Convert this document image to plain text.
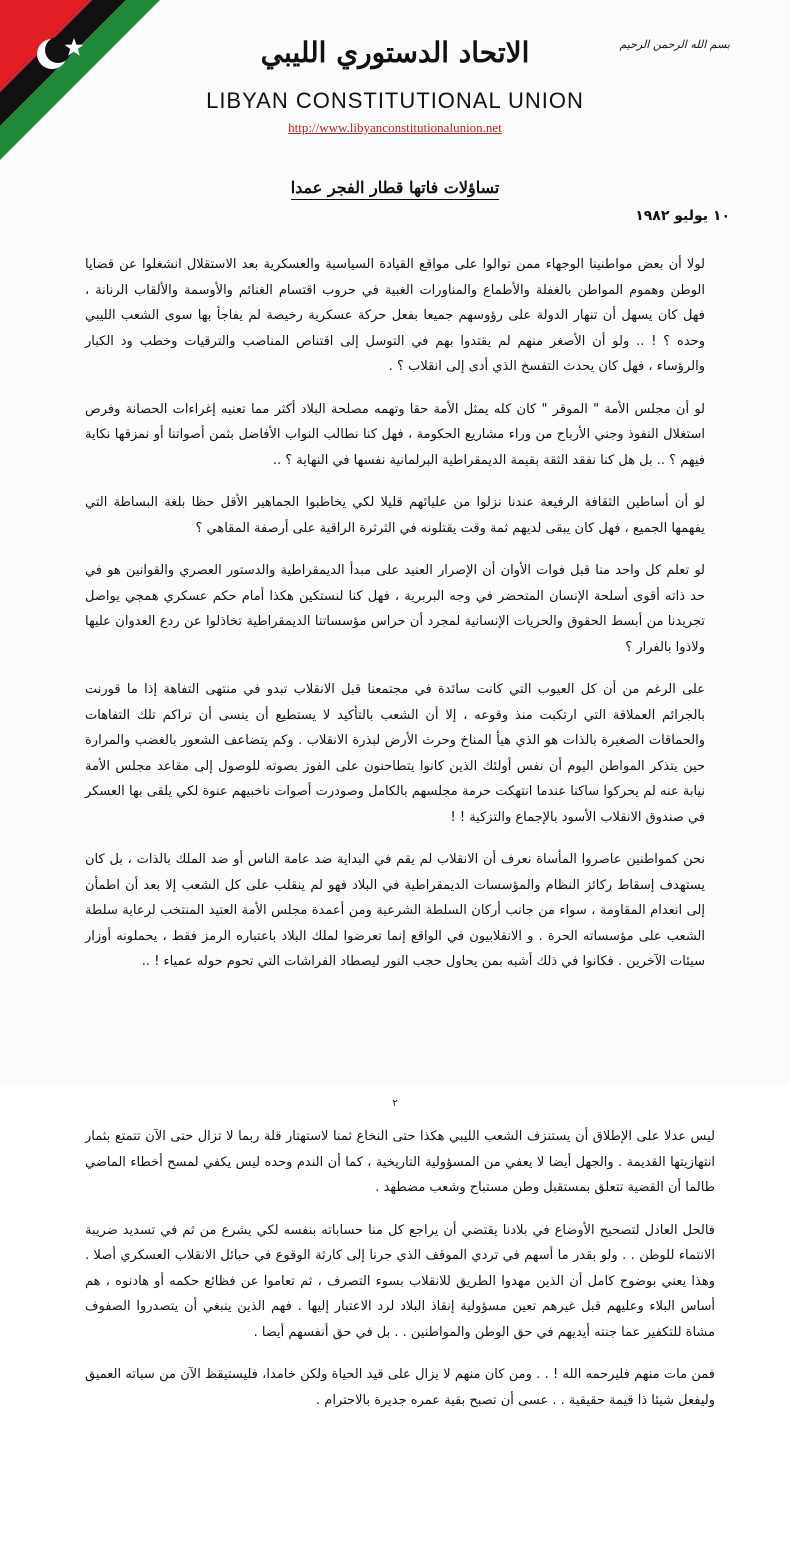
بسم الله الرحمن الرحيم
الاتحاد الدستوري الليبي
LIBYAN CONSTITUTIONAL UNION
http://www.libyanconstitutionalunion.net
تساؤلات فاتها قطار الفجر عمدا
١٠ يوليو ١٩٨٢

لولا أن بعض مواطنينا الوجهاء ممن توالوا على مواقع القيادة السياسية والعسكرية بعد الاستقلال انشغلوا عن قضايا الوطن وهموم المواطن بالغفلة والأطماع والمناورات الغبية في حروب اقتسام الغنائم والأوسمة والألقاب الرنانة ، فهل كان يسهل أن تنهار الدولة على رؤوسهم جميعا بفعل حركة عسكرية رخيصة لم يفاجأ بها سوى الشعب الليبي وحده ؟ ! .. ولو أن الأصغر منهم لم يقتدوا بهم في التوسل إلى اقتناص المناصب والترقيات وخطب ود الكبار والرؤساء ، فهل كان يحدث التفسخ الذي أدى إلى انقلاب ؟ .

لو أن مجلس الأمة " الموقر " كان كله يمثل الأمة حقا وتهمه مصلحة البلاد أكثر مما تعنيه إغراءات الحصانة وفرص استغلال النفوذ وجني الأرباح من وراء مشاريع الحكومة ، فهل كنا نطالب النواب الأفاضل بثمن أصواتنا أو نمزقها نكاية فيهم ؟ .. بل هل كنا نفقد الثقة بقيمة الديمقراطية البرلمانية نفسها في النهاية ؟ ..

لو أن أساطين الثقافة الرفيعة عندنا نزلوا من عليائهم قليلا لكي يخاطبوا الجماهير الأقل حظا بلغة البساطة التي يفهمها الجميع ، فهل كان يبقى لديهم ثمة وقت يقتلونه في الثرثرة الراقية على أرصفة المقاهي ؟

لو تعلم كل واحد منا قبل فوات الأوان أن الإصرار العنيد على مبدأ الديمقراطية والدستور العصري والقوانين هو في حد ذاته أقوى أسلحة الإنسان المتحضر في وجه البربرية ، فهل كنا لنستكين هكذا أمام حكم عسكري همجي يواصل تجريدنا من أبسط الحقوق والحريات الإنسانية لمجرد أن حراس مؤسساتنا الديمقراطية تخاذلوا عن ردع العدوان عليها ولاذوا بالفرار ؟

على الرغم من أن كل العيوب التي كانت سائدة في مجتمعنا قبل الانقلاب تبدو في منتهى التفاهة إذا ما قورنت بالجرائم العملاقة التي ارتكبت منذ وقوعه ، إلا أن الشعب بالتأكيد لا يستطيع أن ينسى أن تراكم تلك التفاهات والحماقات الصغيرة بالذات هو الذي هيأ المناخ وحرث الأرض لبذرة الانقلاب . وكم يتضاعف الشعور بالغضب والمرارة حين يتذكر المواطن اليوم أن نفس أولئك الذين كانوا يتطاحنون على الفوز بصوته للوصول إلى مقاعد مجلس الأمة نيابة عنه لم يحركوا ساكنا عندما انتهكت حرمة مجلسهم بالكامل وصودرت أصوات ناخبيهم عنوة لكي يلقى بها العسكر في صندوق الانقلاب الأسود بالإجماع والتزكية ! !

نحن كمواطنين عاصروا المأساة نعرف أن الانقلاب لم يقم في البداية ضد عامة الناس أو ضد الملك بالذات ، بل كان يستهدف إسقاط ركائز النظام والمؤسسات الديمقراطية في البلاد فهو لم ينقلب على كل الشعب إلا بعد أن اطمأن إلى انعدام المقاومة ، سواء من جانب أركان السلطة الشرعية ومن أعمدة مجلس الأمة العتيد المنتخب لرعاية سلطة الشعب على مؤسساته الحرة . و الانقلابيون في الواقع إنما تعرضوا لملك البلاد باعتباره الرمز فقط ، يحملونه أوزار سيئات الآخرين . فكانوا في ذلك أشبه بمن يحاول حجب النور ليصطاد الفراشات التي تحوم حوله عمياء ! ..

٢

ليس عدلا على الإطلاق أن يستنزف الشعب الليبي هكذا حتى النخاع ثمنا لاستهتار قلة ربما لا تزال حتى الآن تتمتع بثمار انتهازيتها القديمة . والجهل أيضا لا يعفي من المسؤولية التاريخية ، كما أن الندم وحده ليس يكفي لمسح أخطاء الماضي طالما أن القضية تتعلق بمستقبل وطن مستباح وشعب مضطهد .

فالحل العادل لتصحيح الأوضاع في بلادنا يقتضي أن يراجع كل منا حساباته بنفسه لكي يشرع من ثم في تسديد ضريبة الانتماء للوطن . . ولو بقدر ما أسهم في تردي الموقف الذي جرنا إلى كارثة الوقوع في حبائل الانقلاب العسكري أصلا . وهذا يعني بوضوح كامل أن الذين مهدوا الطريق للانقلاب بسوء التصرف ، ثم تعاموا عن فظائع حكمه أو هادنوه ، هم أساس البلاء وعليهم قبل غيرهم تعين مسؤولية إنقاذ البلاد لرد الاعتبار إليها . فهم الذين ينبغي أن يتصدروا الصفوف مشاة للتكفير عما جنته أيديهم في حق الوطن والمواطنين . . بل في حق أنفسهم أيضا .

فمن مات منهم فليرحمه الله ! . . ومن كان منهم لا يزال على قيد الحياة ولكن خامدا، فليستيقظ الآن من سباته العميق وليفعل شيئا ذا قيمة حقيقية . . عسى أن تصبح بقية عمره جديرة بالاحترام .
